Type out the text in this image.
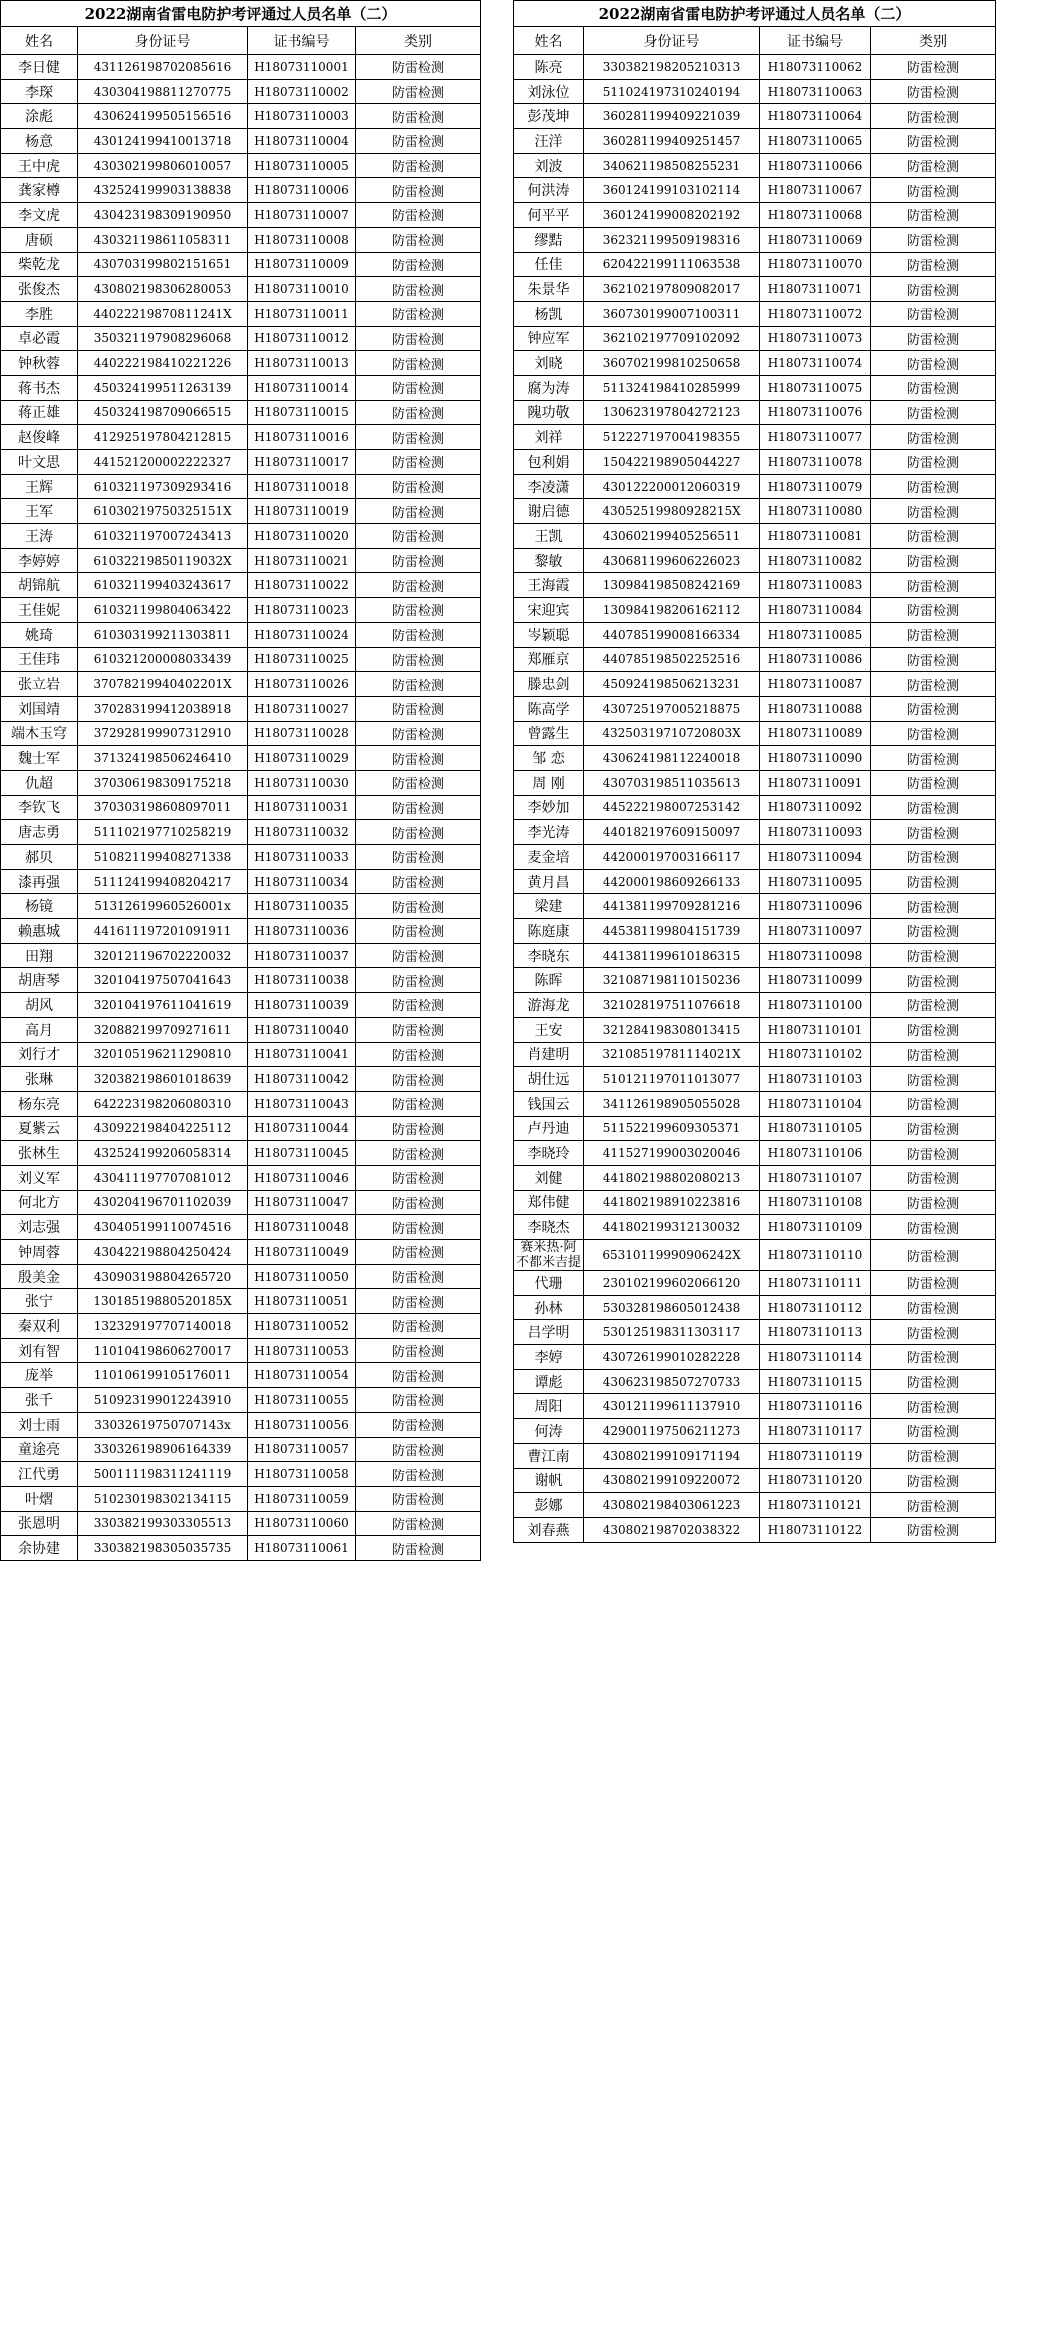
2022湖南省雷电防护考评通过人员名单（二）			
姓名	身份证号	证书编号	类别
李日健	431126198702085616	H18073110001	防雷检测
李琛	430304198811270775	H18073110002	防雷检测
涂彪	430624199505156516	H18073110003	防雷检测
杨意	430124199410013718	H18073110004	防雷检测
王中虎	430302199806010057	H18073110005	防雷检测
龚家樽	432524199903138838	H18073110006	防雷检测
李文虎	430423198309190950	H18073110007	防雷检测
唐硕	430321198611058311	H18073110008	防雷检测
柴乾龙	430703199802151651	H18073110009	防雷检测
张俊杰	430802198306280053	H18073110010	防雷检测
李胜	44022219870811241X	H18073110011	防雷检测
卓必霞	350321197908296068	H18073110012	防雷检测
钟秋蓉	440222198410221226	H18073110013	防雷检测
蒋书杰	450324199511263139	H18073110014	防雷检测
蒋正雄	450324198709066515	H18073110015	防雷检测
赵俊峰	412925197804212815	H18073110016	防雷检测
叶文思	441521200002222327	H18073110017	防雷检测
王辉	610321197309293416	H18073110018	防雷检测
王军	61030219750325151X	H18073110019	防雷检测
王涛	610321197007243413	H18073110020	防雷检测
李婷婷	61032219850119032X	H18073110021	防雷检测
胡锦航	610321199403243617	H18073110022	防雷检测
王佳妮	610321199804063422	H18073110023	防雷检测
姚琦	610303199211303811	H18073110024	防雷检测
王佳玮	610321200008033439	H18073110025	防雷检测
张立岩	37078219940402201X	H18073110026	防雷检测
刘国靖	370283199412038918	H18073110027	防雷检测
端木玉穹	372928199907312910	H18073110028	防雷检测
魏士军	371324198506246410	H18073110029	防雷检测
仇超	370306198309175218	H18073110030	防雷检测
李钦飞	370303198608097011	H18073110031	防雷检测
唐志勇	511102197710258219	H18073110032	防雷检测
郝贝	510821199408271338	H18073110033	防雷检测
漆再强	511124199408204217	H18073110034	防雷检测
杨镜	51312619960526001x	H18073110035	防雷检测
赖惠城	441611197201091911	H18073110036	防雷检测
田翔	320121196702220032	H18073110037	防雷检测
胡唐琴	320104197507041643	H18073110038	防雷检测
胡风	320104197611041619	H18073110039	防雷检测
高月	320882199709271611	H18073110040	防雷检测
刘行才	320105196211290810	H18073110041	防雷检测
张琳	320382198601018639	H18073110042	防雷检测
杨东亮	642223198206080310	H18073110043	防雷检测
夏紫云	430922198404225112	H18073110044	防雷检测
张林生	432524199206058314	H18073110045	防雷检测
刘义军	430411197707081012	H18073110046	防雷检测
何北方	430204196701102039	H18073110047	防雷检测
刘志强	430405199110074516	H18073110048	防雷检测
钟周蓉	430422198804250424	H18073110049	防雷检测
殷美金	430903198804265720	H18073110050	防雷检测
张宁	13018519880520185X	H18073110051	防雷检测
秦双利	132329197707140018	H18073110052	防雷检测
刘有智	110104198606270017	H18073110053	防雷检测
庞举	110106199105176011	H18073110054	防雷检测
张千	510923199012243910	H18073110055	防雷检测
刘士雨	33032619750707143x	H18073110056	防雷检测
童途亮	330326198906164339	H18073110057	防雷检测
江代勇	500111198311241119	H18073110058	防雷检测
叶熠	510230198302134115	H18073110059	防雷检测
张恩明	330382199303305513	H18073110060	防雷检测
余协建	330382198305035735	H18073110061	防雷检测
2022湖南省雷电防护考评通过人员名单（二）			
姓名	身份证号	证书编号	类别
陈亮	330382198205210313	H18073110062	防雷检测
刘泳位	511024197310240194	H18073110063	防雷检测
彭茂坤	360281199409221039	H18073110064	防雷检测
汪洋	360281199409251457	H18073110065	防雷检测
刘波	340621198508255231	H18073110066	防雷检测
何洪涛	360124199103102114	H18073110067	防雷检测
何平平	360124199008202192	H18073110068	防雷检测
缪黠	362321199509198316	H18073110069	防雷检测
任佳	620422199111063538	H18073110070	防雷检测
朱景华	362102197809082017	H18073110071	防雷检测
杨凯	360730199007100311	H18073110072	防雷检测
钟应军	362102197709102092	H18073110073	防雷检测
刘晓	360702199810250658	H18073110074	防雷检测
腐为涛	511324198410285999	H18073110075	防雷检测
隗功敬	130623197804272123	H18073110076	防雷检测
刘祥	512227197004198355	H18073110077	防雷检测
包利娟	150422198905044227	H18073110078	防雷检测
李凌潇	430122200012060319	H18073110079	防雷检测
谢启德	43052519980928215X	H18073110080	防雷检测
王凯	430602199405256511	H18073110081	防雷检测
黎敏	430681199606226023	H18073110082	防雷检测
王海霞	130984198508242169	H18073110083	防雷检测
宋迎宾	130984198206162112	H18073110084	防雷检测
岑颖聪	440785199008166334	H18073110085	防雷检测
郑雁京	440785198502252516	H18073110086	防雷检测
滕忠剑	450924198506213231	H18073110087	防雷检测
陈高学	430725197005218875	H18073110088	防雷检测
曾露生	43250319710720803X	H18073110089	防雷检测
邹 恋	430624198112240018	H18073110090	防雷检测
周 刚	430703198511035613	H18073110091	防雷检测
李妙加	445222198007253142	H18073110092	防雷检测
李光涛	440182197609150097	H18073110093	防雷检测
麦金培	442000197003166117	H18073110094	防雷检测
黄月昌	442000198609266133	H18073110095	防雷检测
梁建	441381199709281216	H18073110096	防雷检测
陈庭康	445381199804151739	H18073110097	防雷检测
李晓东	441381199610186315	H18073110098	防雷检测
陈晖	321087198110150236	H18073110099	防雷检测
游海龙	321028197511076618	H18073110100	防雷检测
王安	321284198308013415	H18073110101	防雷检测
肖建明	32108519781114021X	H18073110102	防雷检测
胡仕远	510121197011013077	H18073110103	防雷检测
钱国云	341126198905055028	H18073110104	防雷检测
卢丹迪	511522199609305371	H18073110105	防雷检测
李晓玲	411527199003020046	H18073110106	防雷检测
刘健	441802198802080213	H18073110107	防雷检测
郑伟健	441802198910223816	H18073110108	防雷检测
李晓杰	441802199312130032	H18073110109	防雷检测
赛米热·阿不都米吉提	65310119990906242X	H18073110110	防雷检测
代珊	230102199602066120	H18073110111	防雷检测
孙林	530328198605012438	H18073110112	防雷检测
吕学明	530125198311303117	H18073110113	防雷检测
李婷	430726199010282228	H18073110114	防雷检测
谭彪	430623198507270733	H18073110115	防雷检测
周阳	430121199611137910	H18073110116	防雷检测
何涛	429001197506211273	H18073110117	防雷检测
曹江南	430802199109171194	H18073110119	防雷检测
谢帆	430802199109220072	H18073110120	防雷检测
彭娜	430802198403061223	H18073110121	防雷检测
刘春燕	430802198702038322	H18073110122	防雷检测
